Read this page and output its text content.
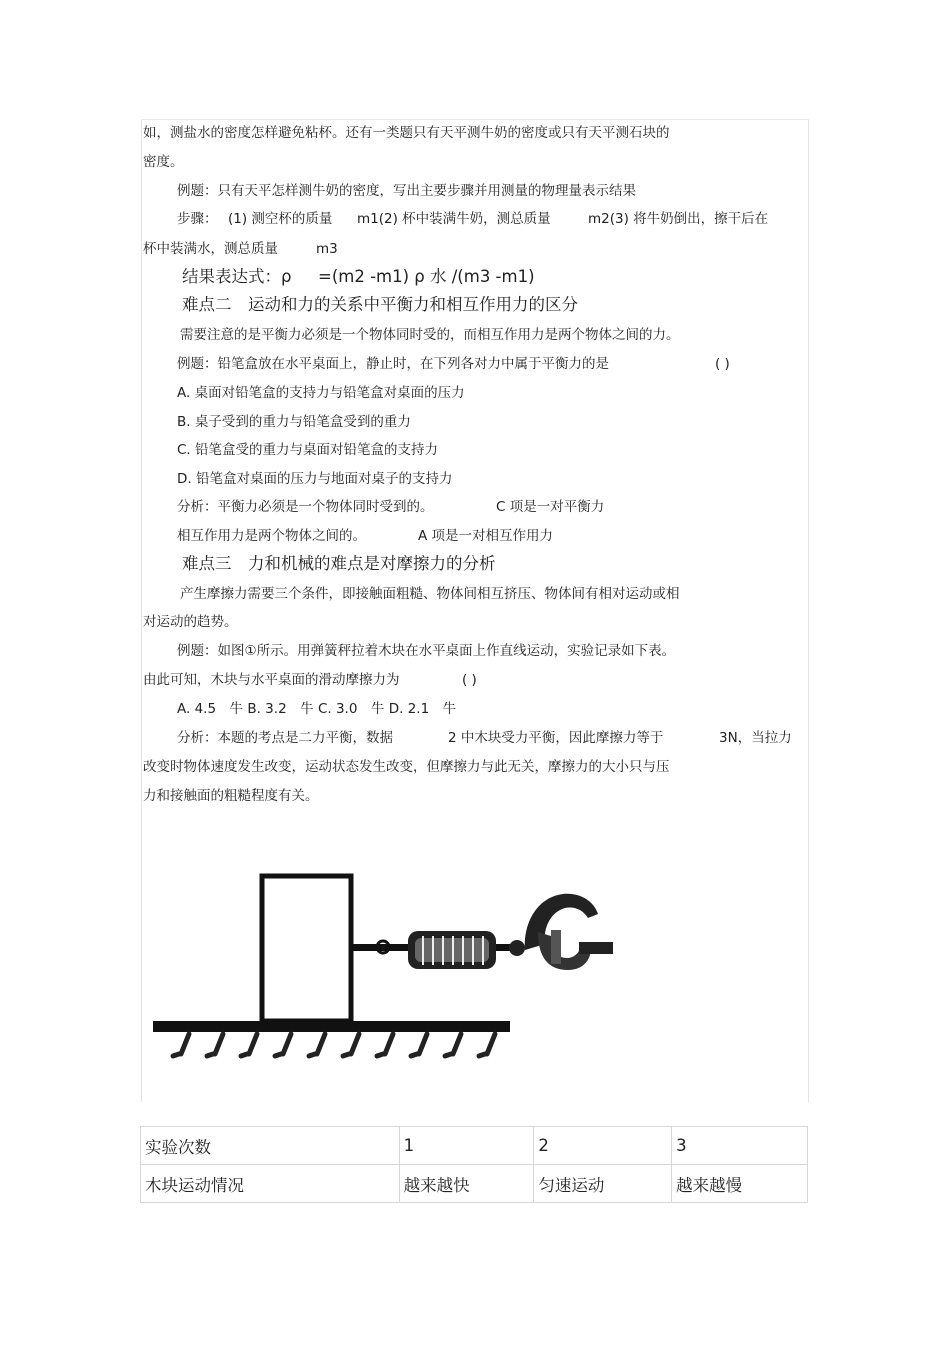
如，测盐水的密度怎样避免粘杯。还有一类题只有天平测牛奶的密度或只有天平测石块的
密度。
例题：只有天平怎样测牛奶的密度，写出主要步骤并用测量的物理量表示结果
步骤： (1) 测空杯的质量 m1(2) 杯中装满牛奶，测总质量	m2(3) 将牛奶倒出，擦干后在
杯中装满水，测总质量	m3
结果表达式：ρ =(m2 -m1) ρ 水 /(m3 -m1)
难点二　运动和力的关系中平衡力和相互作用力的区分
需要注意的是平衡力必须是一个物体同时受的，而相互作用力是两个物体之间的力。
例题：铅笔盒放在水平桌面上，静止时，在下列各对力中属于平衡力的是	( )
A. 桌面对铅笔盒的支持力与铅笔盒对桌面的压力
B. 桌子受到的重力与铅笔盒受到的重力
C. 铅笔盒受的重力与桌面对铅笔盒的支持力
D. 铅笔盒对桌面的压力与地面对桌子的支持力
分析：平衡力必须是一个物体同时受到的。	C 项是一对平衡力
相互作用力是两个物体之间的。	A 项是一对相互作用力
难点三　力和机械的难点是对摩擦力的分析
产生摩擦力需要三个条件，即接触面粗糙、物体间相互挤压、物体间有相对运动或相
对运动的趋势。
例题：如图①所示。用弹簧秤拉着木块在水平桌面上作直线运动，实验记录如下表。
由此可知，木块与水平桌面的滑动摩擦力为	( )
A. 4.5　牛 B. 3.2　牛 C. 3.0　牛 D. 2.1　牛
分析：本题的考点是二力平衡，数据	2 中木块受力平衡，因此摩擦力等于	3N，当拉力
改变时物体速度发生改变，运动状态发生改变，但摩擦力与此无关，摩擦力的大小只与压
力和接触面的粗糙程度有关。
实验次数	1	2	3
木块运动情况	越来越快	匀速运动	越来越慢
